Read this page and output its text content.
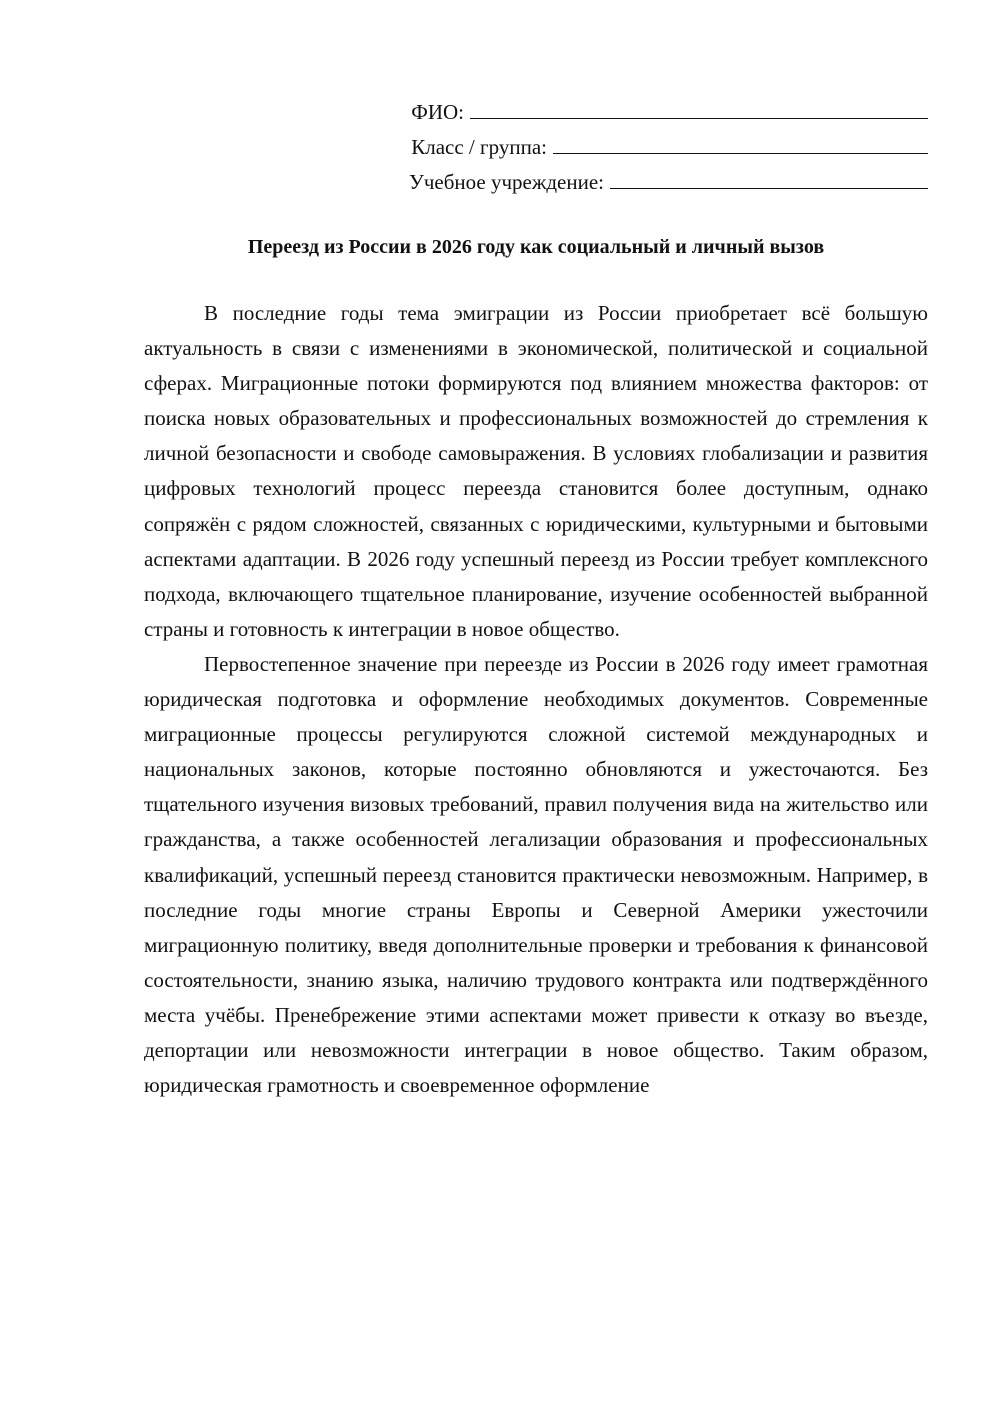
ФИО:
Класс / группа:
Учебное учреждение:
Переезд из России в 2026 году как социальный и личный вызов

В последние годы тема эмиграции из России приобретает всё большую актуальность в связи с изменениями в экономической, политической и социальной сферах. Миграционные потоки формируются под влиянием множества факторов: от поиска новых образовательных и профессиональных возможностей до стремления к личной безопасности и свободе самовыражения. В условиях глобализации и развития цифровых технологий процесс переезда становится более доступным, однако сопряжён с рядом сложностей, связанных с юридическими, культурными и бытовыми аспектами адаптации. В 2026 году успешный переезд из России требует комплексного подхода, включающего тщательное планирование, изучение особенностей выбранной страны и готовность к интеграции в новое общество.

Первостепенное значение при переезде из России в 2026 году имеет грамотная юридическая подготовка и оформление необходимых документов. Современные миграционные процессы регулируются сложной системой международных и национальных законов, которые постоянно обновляются и ужесточаются. Без тщательного изучения визовых требований, правил получения вида на жительство или гражданства, а также особенностей легализации образования и профессиональных квалификаций, успешный переезд становится практически невозможным. Например, в последние годы многие страны Европы и Северной Америки ужесточили миграционную политику, введя дополнительные проверки и требования к финансовой состоятельности, знанию языка, наличию трудового контракта или подтверждённого места учёбы. Пренебрежение этими аспектами может привести к отказу во въезде, депортации или невозможности интеграции в новое общество. Таким образом, юридическая грамотность и своевременное оформление
